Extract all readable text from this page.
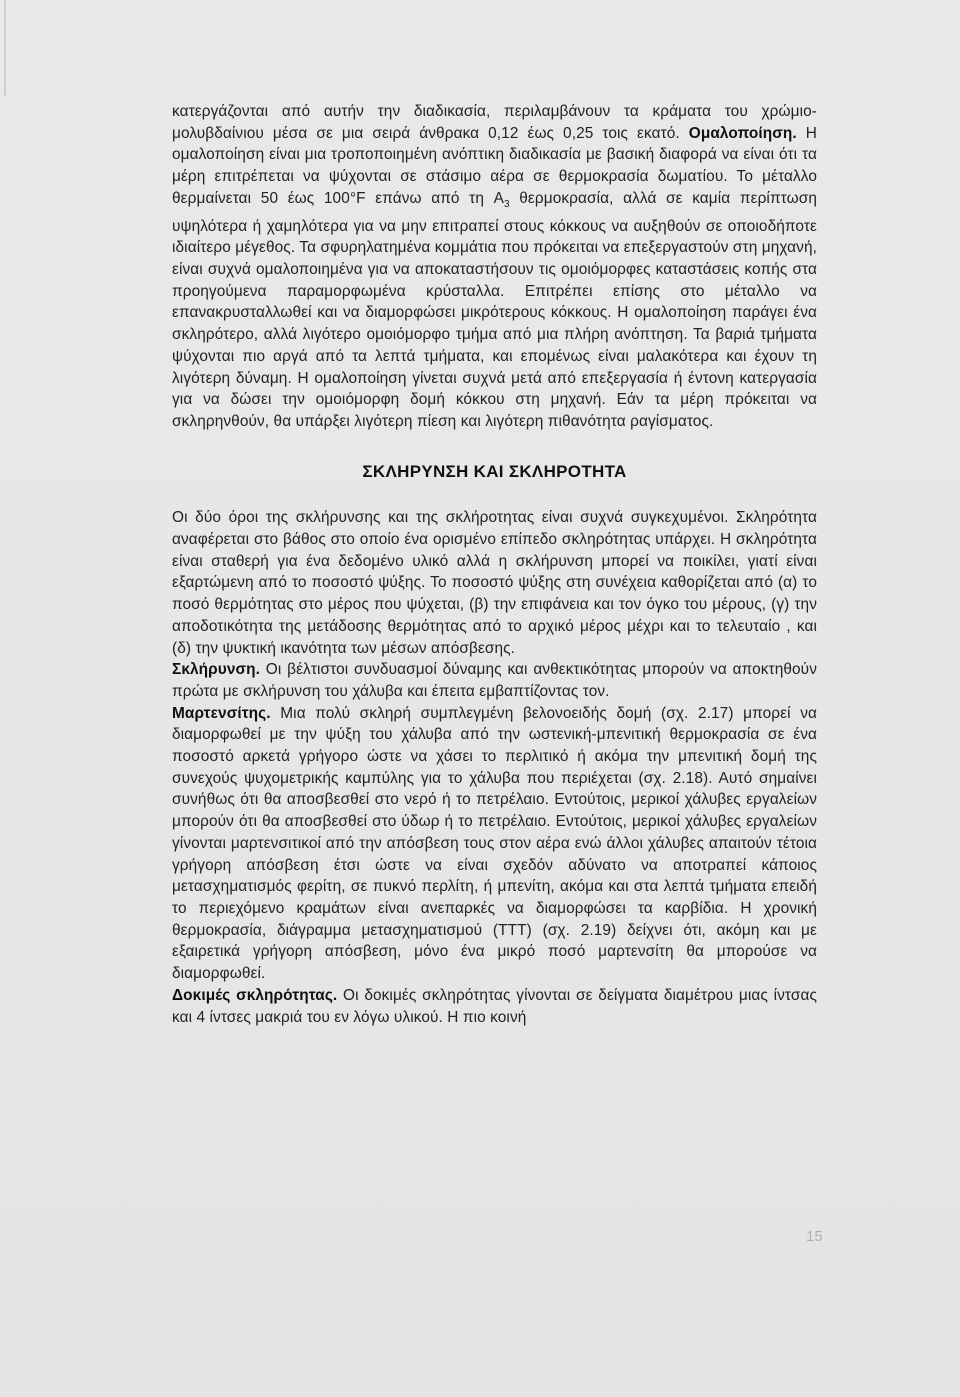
κατεργάζονται από αυτήν την διαδικασία, περιλαμβάνουν τα κράματα του χρώμιο-μολυβδαίνιου μέσα σε μια σειρά άνθρακα 0,12 έως 0,25 τοις εκατό. Ομαλοποίηση. Η ομαλοποίηση είναι μια τροποποιημένη ανόπτικη διαδικασία με βασική διαφορά να είναι ότι τα μέρη επιτρέπεται να ψύχονται σε στάσιμο αέρα σε θερμοκρασία δωματίου. Το μέταλλο θερμαίνεται 50 έως 100°F επάνω από τη $A_3$ θερμοκρασία, αλλά σε καμία περίπτωση υψηλότερα ή χαμηλότερα για να μην επιτραπεί στους κόκκους να αυξηθούν σε οποιοδήποτε ιδιαίτερο μέγεθος. Τα σφυρηλατημένα κομμάτια που πρόκειται να επεξεργαστούν στη μηχανή, είναι συχνά ομαλοποιημένα για να αποκαταστήσουν τις ομοιόμορφες καταστάσεις κοπής στα προηγούμενα παραμορφωμένα κρύσταλλα. Επιτρέπει επίσης στο μέταλλο να επανακρυσταλλωθεί και να διαμορφώσει μικρότερους κόκκους. Η ομαλοποίηση παράγει ένα σκληρότερο, αλλά λιγότερο ομοιόμορφο τμήμα από μια πλήρη ανόπτηση. Τα βαριά τμήματα ψύχονται πιο αργά από τα λεπτά τμήματα, και επομένως είναι μαλακότερα και έχουν τη λιγότερη δύναμη. Η ομαλοποίηση γίνεται συχνά μετά από επεξεργασία ή έντονη κατεργασία για να δώσει την ομοιόμορφη δομή κόκκου στη μηχανή. Εάν τα μέρη πρόκειται να σκληρηνθούν, θα υπάρξει λιγότερη πίεση και λιγότερη πιθανότητα ραγίσματος.

ΣΚΛΗΡΥΝΣΗ ΚΑΙ ΣΚΛΗΡΟΤΗΤΑ

Οι δύο όροι της σκλήρυνσης και της σκλήροτητας είναι συχνά συγκεχυμένοι. Σκληρότητα αναφέρεται στο βάθος στο οποίο ένα ορισμένο επίπεδο σκληρότητας υπάρχει. Η σκληρότητα είναι σταθερή για ένα δεδομένο υλικό αλλά η σκλήρυνση μπορεί να ποικίλει, γιατί είναι εξαρτώμενη από το ποσοστό ψύξης. Το ποσοστό ψύξης στη συνέχεια καθορίζεται από (α) το ποσό θερμότητας στο μέρος που ψύχεται, (β) την επιφάνεια και τον όγκο του μέρους, (γ) την αποδοτικότητα της μετάδοσης θερμότητας από το αρχικό μέρος μέχρι και το τελευταίο , και (δ) την ψυκτική ικανότητα των μέσων απόσβεσης.

Σκλήρυνση. Οι βέλτιστοι συνδυασμοί δύναμης και ανθεκτικότητας μπορούν να αποκτηθούν πρώτα με σκλήρυνση του χάλυβα και έπειτα εμβαπτίζοντας τον.

Μαρτενσίτης. Μια πολύ σκληρή συμπλεγμένη βελονοειδής δομή (σχ. 2.17) μπορεί να διαμορφωθεί με την ψύξη του χάλυβα από την ωστενική-μπενιτική θερμοκρασία σε ένα ποσοστό αρκετά γρήγορο ώστε να χάσει το περλιτικό ή ακόμα την μπενιτική δομή της συνεχούς ψυχομετρικής καμπύλης για το χάλυβα που περιέχεται (σχ. 2.18). Αυτό σημαίνει συνήθως ότι θα αποσβεσθεί στο νερό ή το πετρέλαιο. Εντούτοις, μερικοί χάλυβες εργαλείων μπορούν ότι θα αποσβεσθεί στο ύδωρ ή το πετρέλαιο. Εντούτοις, μερικοί χάλυβες εργαλείων γίνονται μαρτενσιτικοί από την απόσβεση τους στον αέρα ενώ άλλοι χάλυβες απαιτούν τέτοια γρήγορη απόσβεση έτσι ώστε να είναι σχεδόν αδύνατο να αποτραπεί κάποιος μετασχηματισμός φερίτη, σε πυκνό περλίτη, ή μπενίτη, ακόμα και στα λεπτά τμήματα επειδή το περιεχόμενο κραμάτων είναι ανεπαρκές να διαμορφώσει τα καρβίδια. Η χρονική θερμοκρασία, διάγραμμα μετασχηματισμού (ΤΤΤ) (σχ. 2.19) δείχνει ότι, ακόμη και με εξαιρετικά γρήγορη απόσβεση, μόνο ένα μικρό ποσό μαρτενσίτη θα μπορούσε να διαμορφωθεί.

Δοκιμές σκληρότητας. Οι δοκιμές σκληρότητας γίνονται σε δείγματα διαμέτρου μιας ίντσας και 4 ίντσες μακριά του εν λόγω υλικού. Η πιο κοινή

15
